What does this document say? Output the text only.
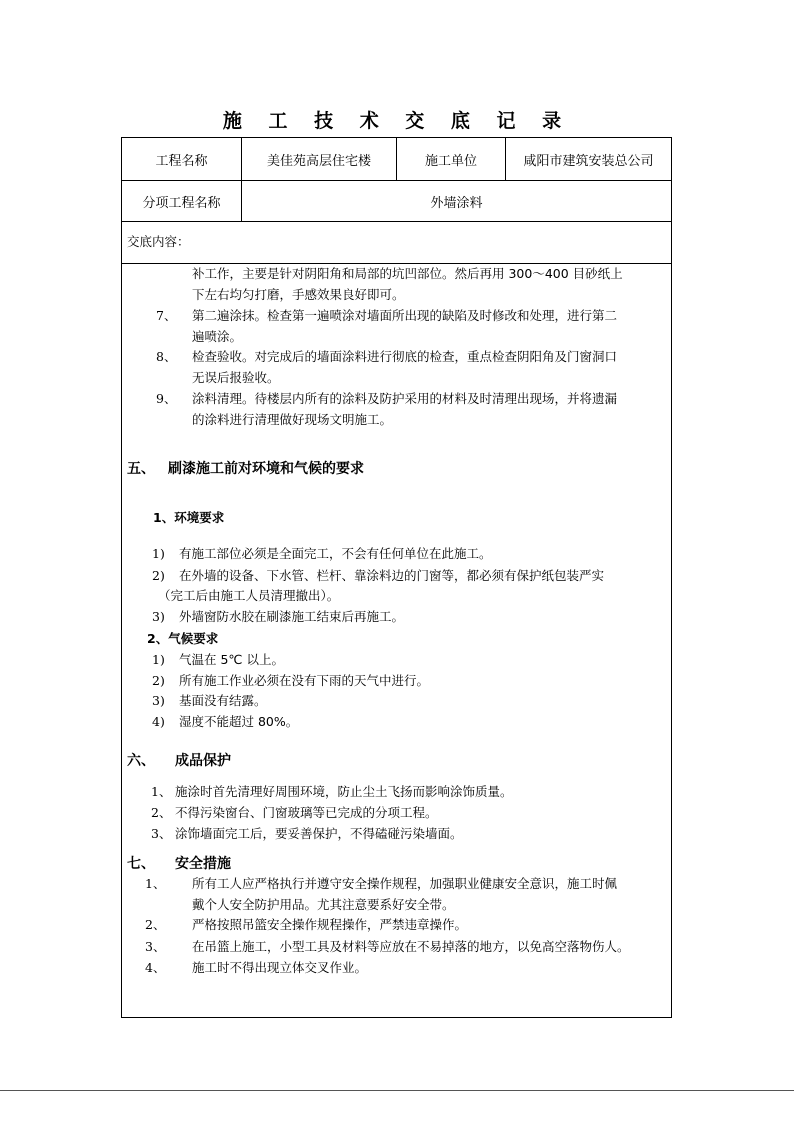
施 工 技 术 交 底 记 录
工程名称	美佳苑高层住宅楼	施工单位	咸阳市建筑安装总公司
分项工程名称	外墙涂料
交底内容：
补工作，主要是针对阴阳角和局部的坑凹部位。然后再用 300～400 目砂纸上
下左右均匀打磨，手感效果良好即可。
7、 第二遍涂抹。检查第一遍喷涂对墙面所出现的缺陷及时修改和处理，进行第二
遍喷涂。
8、 检查验收。对完成后的墙面涂料进行彻底的检查，重点检查阴阳角及门窗洞口
无误后报验收。
9、 涂料清理。待楼层内所有的涂料及防护采用的材料及时清理出现场，并将遗漏
的涂料进行清理做好现场文明施工。
五、 刷漆施工前对环境和气候的要求
1、环境要求
1) 有施工部位必须是全面完工，不会有任何单位在此施工。
2) 在外墙的设备、下水管、栏杆、靠涂料边的门窗等，都必须有保护纸包装严实
（完工后由施工人员清理撤出）。
3) 外墙窗防水胶在刷漆施工结束后再施工。
2、气候要求
1) 气温在 5℃ 以上。
2) 所有施工作业必须在没有下雨的天气中进行。
3) 基面没有结露。
4) 湿度不能超过 80%。
六、 成品保护
1、 施涂时首先清理好周围环境，防止尘土飞扬而影响涂饰质量。
2、 不得污染窗台、门窗玻璃等已完成的分项工程。
3、 涂饰墙面完工后，要妥善保护，不得磕碰污染墙面。
七、 安全措施
1、 所有工人应严格执行并遵守安全操作规程，加强职业健康安全意识，施工时佩
戴个人安全防护用品。尤其注意要系好安全带。
2、 严格按照吊篮安全操作规程操作，严禁违章操作。
3、 在吊篮上施工，小型工具及材料等应放在不易掉落的地方，以免高空落物伤人。
4、 施工时不得出现立体交叉作业。
